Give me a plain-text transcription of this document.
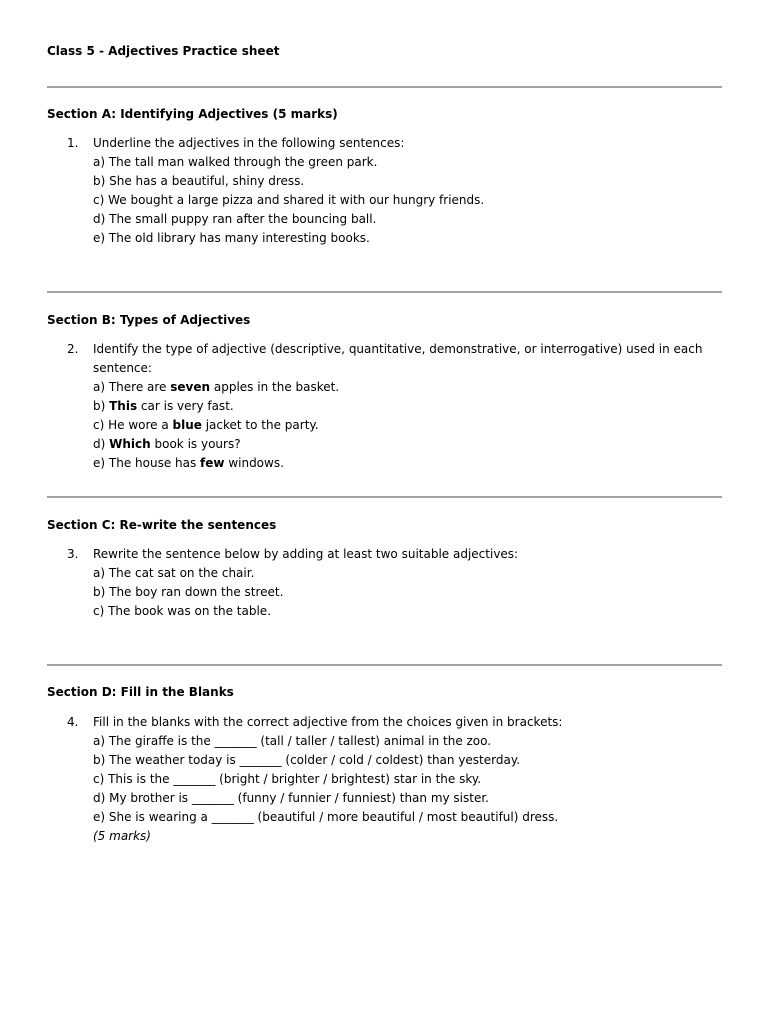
Class 5 - Adjectives Practice sheet
Section A: Identifying Adjectives (5 marks)
1.	Underline the adjectives in the following sentences:
a) The tall man walked through the green park.
b) She has a beautiful, shiny dress.
c) We bought a large pizza and shared it with our hungry friends.
d) The small puppy ran after the bouncing ball.
e) The old library has many interesting books.
Section B: Types of Adjectives
2.	Identify the type of adjective (descriptive, quantitative, demonstrative, or interrogative) used in each sentence:
a) There are seven apples in the basket.
b) This car is very fast.
c) He wore a blue jacket to the party.
d) Which book is yours?
e) The house has few windows.
Section C: Re-write the sentences
3.	Rewrite the sentence below by adding at least two suitable adjectives:
a) The cat sat on the chair.
b) The boy ran down the street.
c) The book was on the table.
Section D: Fill in the Blanks
4.	Fill in the blanks with the correct adjective from the choices given in brackets:
a) The giraffe is the _______ (tall / taller / tallest) animal in the zoo.
b) The weather today is _______ (colder / cold / coldest) than yesterday.
c) This is the _______ (bright / brighter / brightest) star in the sky.
d) My brother is _______ (funny / funnier / funniest) than my sister.
e) She is wearing a _______ (beautiful / more beautiful / most beautiful) dress.
(5 marks)
